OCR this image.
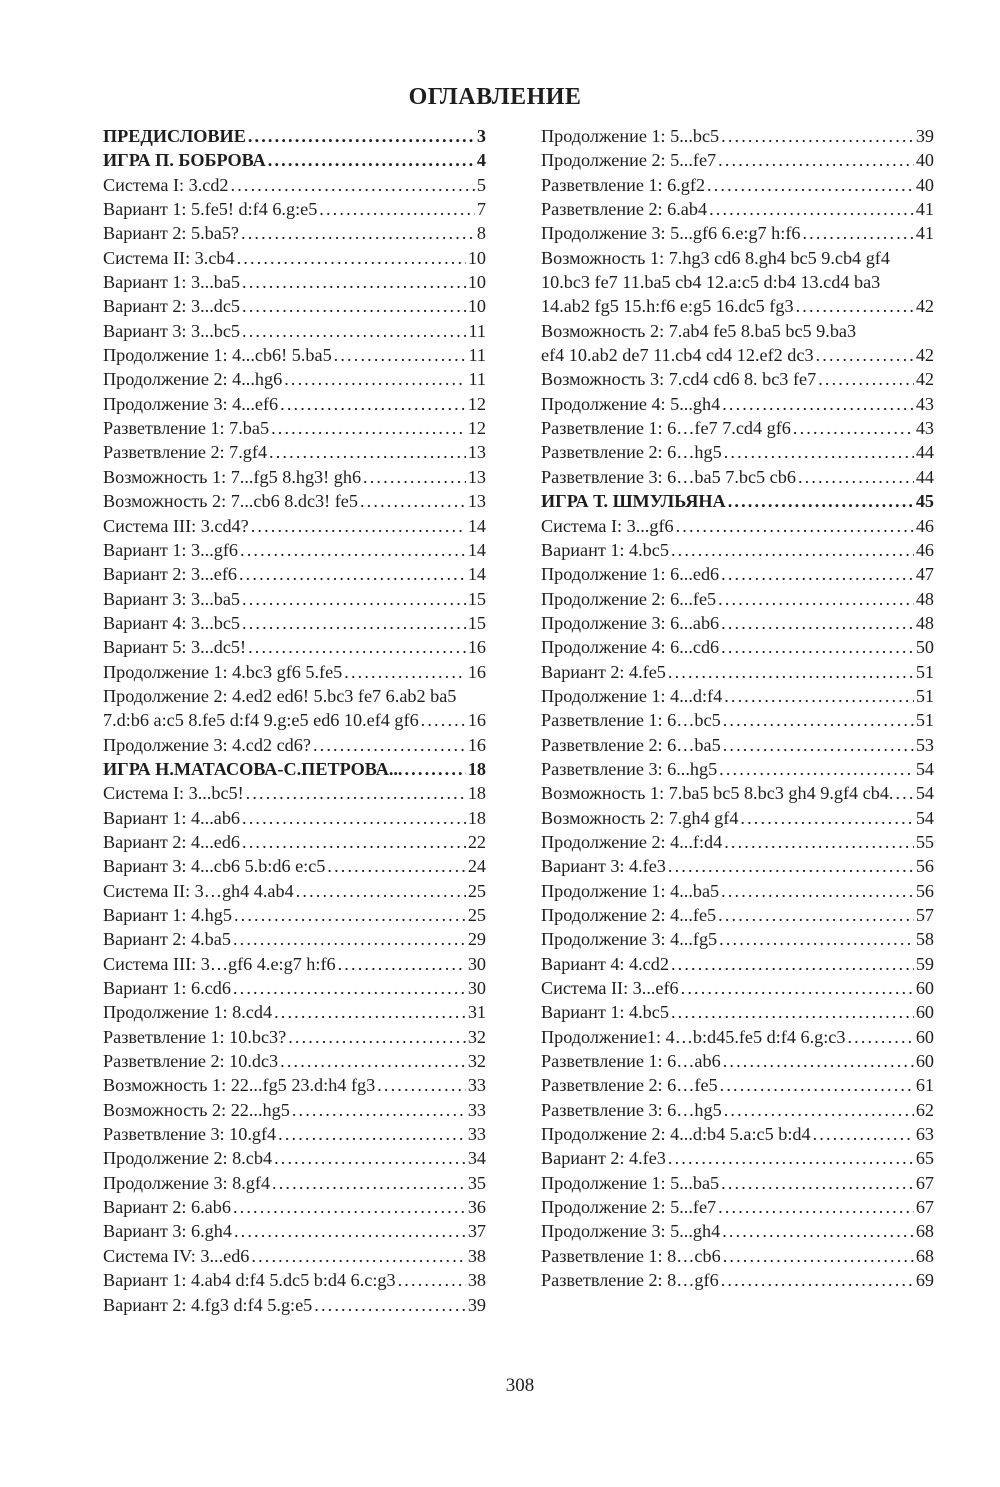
ОГЛАВЛЕНИЕ
ПРЕДИСЛОВИЕ . . .	3
ИГРА П. БОБРОВА . . .	4
Система I: 3.cd2 . . .	5
Вариант 1: 5.fe5! d:f4 6.g:e5 . . .	7
Вариант 2: 5.ba5? . . .	8
Система II: 3.cb4 . . .	10
Вариант 1: 3...ba5 . . .	10
Вариант 2: 3...dc5 . . .	10
Вариант 3: 3...bc5 . . .	11
Продолжение 1: 4...cb6! 5.ba5 . . .	11
Продолжение 2: 4...hg6 . . .	11
Продолжение 3: 4...ef6 . . .	12
Разветвление 1: 7.ba5 . . .	12
Разветвление 2: 7.gf4 . . .	13
Возможность 1: 7...fg5 8.hg3! gh6 . . .	13
Возможность 2: 7...cb6 8.dc3! fe5 . . .	13
Система III: 3.cd4? . . .	14
Вариант 1: 3...gf6 . . .	14
Вариант 2: 3...ef6 . . .	14
Вариант 3: 3...ba5 . . .	15
Вариант 4: 3...bc5 . . .	15
Вариант 5: 3...dc5! . . .	16
Продолжение 1: 4.bc3 gf6 5.fe5 . . .	16
Продолжение 2: 4.ed2 ed6! 5.bc3 fe7 6.ab2 ba5
7.d:b6 a:c5 8.fe5 d:f4 9.g:e5 ed6 10.ef4 gf6 . . .	16
Продолжение 3: 4.cd2 cd6? . . .	16
ИГРА Н.МАТАСОВА-С.ПЕТРОВА... . . .	18
Система I: 3...bc5! . . .	18
Вариант 1: 4...ab6 . . .	18
Вариант 2: 4...ed6 . . .	22
Вариант 3: 4...cb6 5.b:d6 e:c5 . . .	24
Система II: 3…gh4 4.ab4 . . .	25
Вариант 1: 4.hg5 . . .	25
Вариант 2: 4.ba5 . . .	29
Система III: 3…gf6 4.e:g7 h:f6 . . .	30
Вариант 1: 6.cd6 . . .	30
Продолжение 1: 8.cd4 . . .	31
Разветвление 1: 10.bc3? . . .	32
Разветвление 2: 10.dc3 . . .	32
Возможность 1: 22...fg5 23.d:h4 fg3 . . .	33
Возможность 2: 22...hg5 . . .	33
Разветвление 3: 10.gf4 . . .	33
Продолжение 2: 8.cb4 . . .	34
Продолжение 3: 8.gf4 . . .	35
Вариант 2: 6.ab6 . . .	36
Вариант 3: 6.gh4 . . .	37
Система IV: 3...ed6 . . .	38
Вариант 1: 4.ab4 d:f4 5.dc5 b:d4 6.c:g3 . . .	38
Вариант 2: 4.fg3 d:f4 5.g:e5 . . .	39
Продолжение 1: 5...bc5 . . .	39
Продолжение 2: 5...fe7 . . .	40
Разветвление 1: 6.gf2 . . .	40
Разветвление 2: 6.ab4 . . .	41
Продолжение 3: 5...gf6 6.e:g7 h:f6 . . .	41
Возможность 1: 7.hg3 cd6 8.gh4 bc5 9.cb4 gf4
10.bc3 fe7 11.ba5 cb4 12.a:c5 d:b4 13.cd4 ba3
14.ab2 fg5 15.h:f6 e:g5 16.dc5 fg3 . . .	42
Возможность 2: 7.ab4 fe5 8.ba5 bc5 9.ba3
ef4 10.ab2 de7 11.cb4 cd4 12.ef2 dc3 . . .	42
Возможность 3: 7.cd4 cd6 8. bc3 fe7 . . .	42
Продолжение 4: 5...gh4 . . .	43
Разветвление 1: 6…fe7 7.cd4 gf6 . . .	43
Разветвление 2: 6…hg5 . . .	44
Разветвление 3: 6…ba5 7.bc5 cb6 . . .	44
ИГРА Т. ШМУЛЬЯНА . . .	45
Система I: 3...gf6 . . .	46
Вариант 1: 4.bc5 . . .	46
Продолжение 1: 6...ed6 . . .	47
Продолжение 2: 6...fe5 . . .	48
Продолжение 3: 6...ab6 . . .	48
Продолжение 4: 6...cd6 . . .	50
Вариант 2: 4.fe5 . . .	51
Продолжение 1: 4...d:f4 . . .	51
Разветвление 1: 6…bc5 . . .	51
Разветвление 2: 6…ba5 . . .	53
Разветвление 3: 6...hg5 . . .	54
Возможность 1: 7.ba5 bc5 8.bc3 gh4 9.gf4 cb4. . . . 54
Возможность 2: 7.gh4 gf4 . . .	54
Продолжение 2: 4...f:d4 . . .	55
Вариант 3: 4.fe3 . . .	56
Продолжение 1: 4...ba5 . . .	56
Продолжение 2: 4...fe5 . . .	57
Продолжение 3: 4...fg5 . . .	58
Вариант 4: 4.cd2 . . .	59
Система II: 3...ef6 . . .	60
Вариант 1: 4.bc5 . . .	60
Продолжение1: 4…b:d45.fe5 d:f4 6.g:c3 . . .	60
Разветвление 1: 6…ab6 . . .	60
Разветвление 2: 6…fe5 . . .	61
Разветвление 3: 6…hg5 . . .	62
Продолжение 2: 4...d:b4 5.a:c5 b:d4 . . .	63
Вариант 2: 4.fe3 . . .	65
Продолжение 1: 5...ba5 . . .	67
Продолжение 2: 5...fe7 . . .	67
Продолжение 3: 5...gh4 . . .	68
Разветвление 1: 8…cb6 . . .	68
Разветвление 2: 8…gf6 . . .	69
308
